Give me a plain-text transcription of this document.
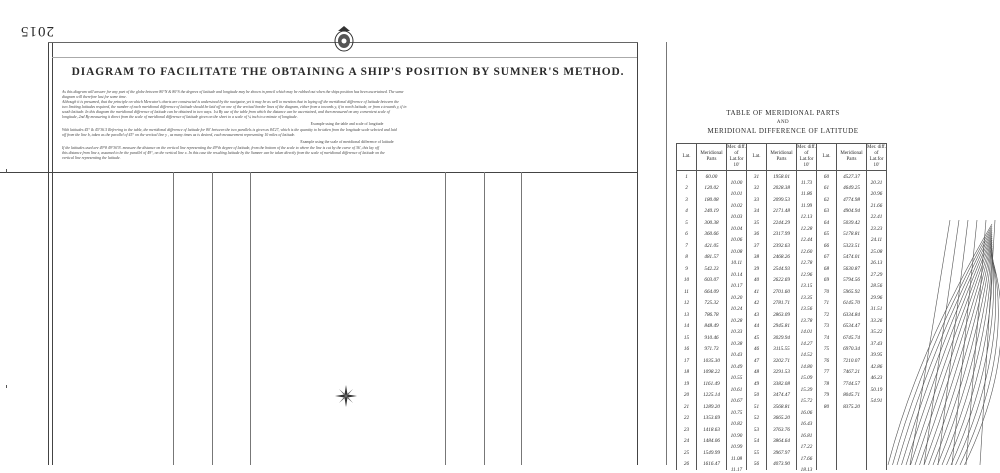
2015
DIAGRAM TO FACILITATE THE OBTAINING A SHIP'S POSITION BY SUMNER'S METHOD.
As this diagram will answer for any part of the globe between 80°N & 80°S the degrees of latitude and longitude may be shown in pencil which may be rubbed out when the ships position has been ascertained. The same
diagram will therefore last for some time.
Although it is presumed, that the principle on which Mercator's charts are constructed is understood by the navigator, yet it may be as well to mention that in laying off the meridional difference of latitude between the
two limiting latitudes required, the number of each meridional difference of latitude should be laid off on one of the vertical border lines of the diagram, either from a towards y, if in north latitude, or from z towards y, if in
south latitude. In this diagram the meridional difference of latitude can be obtained in two ways. 1st By use of the table from which the distance can be ascertained, and then measured on any convenient scale of
longitude, 2nd By measuring it direct from the scale of meridional difference of latitude given on the sheet to a scale of ¼ inch to a minute of longitude.
Example using the table and scale of longitude
With latitudes 45° & 45°36.5 Referring to the table, the meridional difference of latitude for 80' between the two parallels is given as 84'27, which is the quantity to be taken from the longitude scale selected and laid
off from the line b, taken as the parallel of 45° on the vertical line y , as many times as is desired, each measurement representing 10 miles of latitude.
Example using the scale of meridional difference of latitude
If the latitudes used are 49°8 49°36'N. measure the distance on the vertical line representing the 49°th degree of latitude, from the bottom of the scale to where the line is cut by the curve of 36', this lay off
this distance from line x, assumed to be the parallel of 49°, on the vertical line x. In this case the resulting latitude by the Sumner can be taken directly from the scale of meridional difference of latitude on the
vertical line representing the latitude.
TABLE OF MERIDIONAL PARTS
AND
MERIDIONAL DIFFERENCE OF LATITUDE
Lat.	Meridional Parts	Mer. diff. of Lat.for 10'	Lat.	Meridional Parts	Mer. diff. of Lat.for 10'	Lat.	Meridional Parts	Mer. diff. of Lat.for 10'
1	60.00	10.00	31	1958.01	11.73	60	4527.37	20.31
2	120.02	10.01	32	2028.38	11.86	61	4649.25	20.96
3	180.08	10.02	33	2099.53	11.99	62	4774.98	21.66
4	240.19	10.03	34	2171.48	12.13	63	4904.94	22.41
5	300.38	10.04	35	2244.29	12.28	64	5039.42	23.23
6	360.66	10.06	36	2317.99	12.44	65	5178.81	24.11
7	421.05	10.08	37	2392.63	12.60	66	5323.51	25.08
8	481.57	10.11	38	2468.26	12.78	67	5474.01	26.13
9	542.23	10.14	39	2544.93	12.96	68	5630.87	27.29
10	603.07	10.17	40	2622.69	13.15	69	5794.56	28.56
11	664.09	10.20	41	2701.60	13.35	70	5965.92	29.96
12	725.32	10.24	42	2781.71	13.56	71	6145.70	31.51
13	786.78	10.28	43	2863.09	13.78	72	6334.84	33.26
14	848.49	10.33	44	2945.81	14.01	73	6534.47	35.22
15	910.46	10.38	45	3029.94	14.27	74	6745.74	37.43
16	971.73	10.43	46	3115.55	14.52	75	6970.34	39.95
17	1035.30	10.49	47	3202.71	14.80	76	7210.07	42.86
18	1098.22	10.55	48	3291.53	15.09	77	7467.21	46.23
19	1161.49	10.61	49	3382.08	15.39	78	7744.57	50.19
20	1225.14	10.67	50	3474.47	15.72	79	8045.71	54.91
21	1289.20	10.75	51	3568.81	16.06	80	8375.20	
22	1353.69	10.82	52	3665.20	16.43			
23	1418.63	10.90	53	3763.76	16.81			
24	1484.06	10.99	54	3864.64	17.22			
25	1549.99	11.08	55	3967.97	17.66			
26	1616.47	11.17	56	4073.90	18.13			
